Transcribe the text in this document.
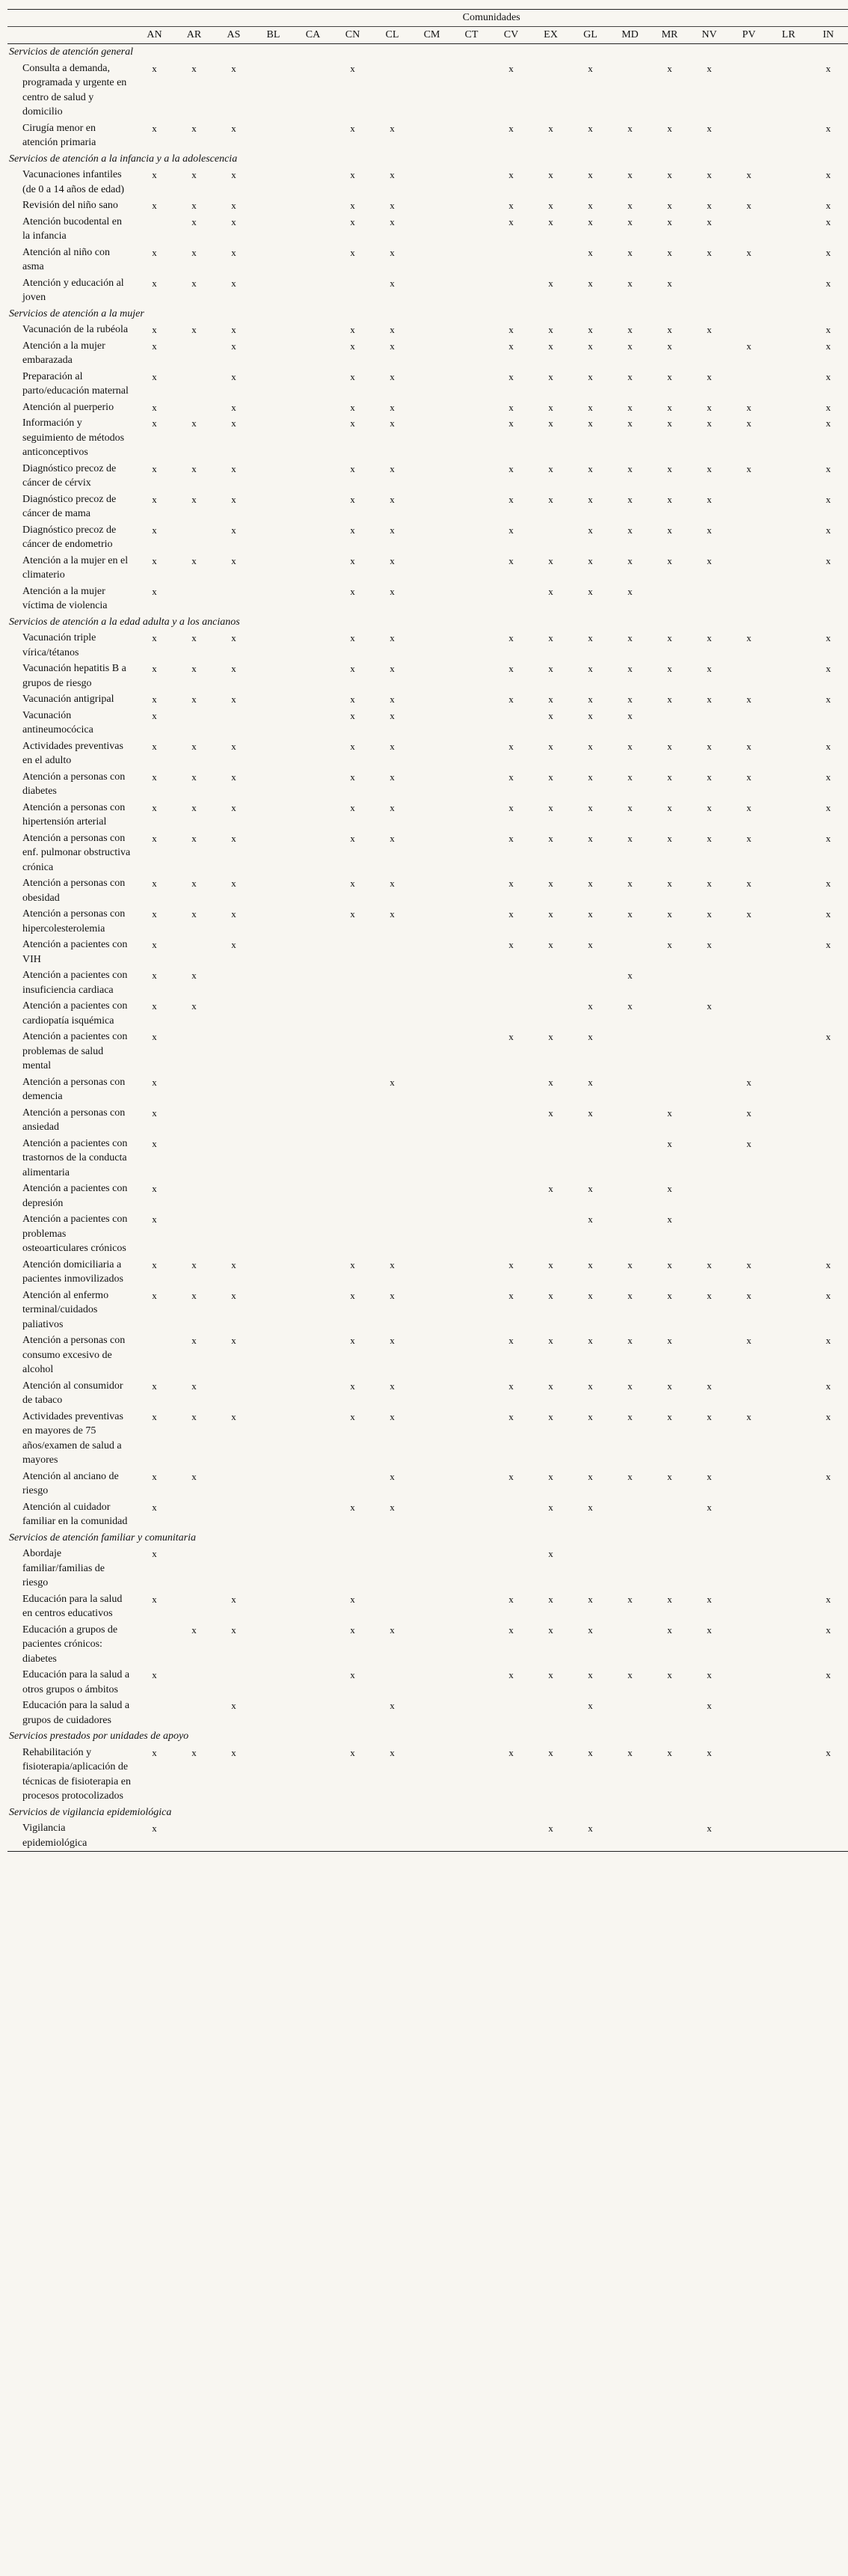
	Comunidades																	
	AN	AR	AS	BL	CA	CN	CL	CM	CT	CV	EX	GL	MD	MR	NV	PV	LR	IN
Servicios de atención general																		
Consulta a demanda, programada y urgente en centro de salud y domicilio	x	x	x			x				x		x		x	x			x
Cirugía menor en atención primaria	x	x	x			x	x			x	x	x	x	x	x			x
Servicios de atención a la infancia y a la adolescencia																		
Vacunaciones infantiles (de 0 a 14 años de edad)	x	x	x			x	x			x	x	x	x	x	x	x		x
Revisión del niño sano	x	x	x			x	x			x	x	x	x	x	x	x		x
Atención bucodental en la infancia		x	x			x	x			x	x	x	x	x	x			x
Atención al niño con asma	x	x	x			x	x					x	x	x	x	x		x
Atención y educación al joven	x	x	x				x				x	x	x	x				x
Servicios de atención a la mujer																		
Vacunación de la rubéola	x	x	x			x	x			x	x	x	x	x	x			x
Atención a la mujer embarazada	x		x			x	x			x	x	x	x	x		x		x
Preparación al parto/educación maternal	x		x			x	x			x	x	x	x	x	x			x
Atención al puerperio	x		x			x	x			x	x	x	x	x	x	x		x
Información y seguimiento de métodos anticonceptivos	x	x	x			x	x			x	x	x	x	x	x	x		x
Diagnóstico precoz de cáncer de cérvix	x	x	x			x	x			x	x	x	x	x	x	x		x
Diagnóstico precoz de cáncer de mama	x	x	x			x	x			x	x	x	x	x	x			x
Diagnóstico precoz de cáncer de endometrio	x		x			x	x			x		x	x	x	x			x
Atención a la mujer en el climaterio	x	x	x			x	x			x	x	x	x	x	x			x
Atención a la mujer víctima de violencia	x					x	x				x	x	x					
Servicios de atención a la edad adulta y a los ancianos																		
Vacunación triple vírica/tétanos	x	x	x			x	x			x	x	x	x	x	x	x		x
Vacunación hepatitis B a grupos de riesgo	x	x	x			x	x			x	x	x	x	x	x			x
Vacunación antigripal	x	x	x			x	x			x	x	x	x	x	x	x		x
Vacunación antineumocócica	x					x	x				x	x	x					
Actividades preventivas en el adulto	x	x	x			x	x			x	x	x	x	x	x	x		x
Atención a personas con diabetes	x	x	x			x	x			x	x	x	x	x	x	x		x
Atención a personas con hipertensión arterial	x	x	x			x	x			x	x	x	x	x	x	x		x
Atención a personas con enf. pulmonar obstructiva crónica	x	x	x			x	x			x	x	x	x	x	x	x		x
Atención a personas con obesidad	x	x	x			x	x			x	x	x	x	x	x	x		x
Atención a personas con hipercolesterolemia	x	x	x			x	x			x	x	x	x	x	x	x		x
Atención a pacientes con VIH	x		x							x	x	x		x	x			x
Atención a pacientes con insuficiencia cardiaca	x	x											x					
Atención a pacientes con cardiopatía isquémica	x	x										x	x		x			
Atención a pacientes con problemas de salud mental	x									x	x	x						x
Atención a personas con demencia	x						x				x	x				x		
Atención a personas con ansiedad	x										x	x		x		x		
Atención a pacientes con trastornos de la conducta alimentaria	x													x		x		
Atención a pacientes con depresión	x										x	x		x				
Atención a pacientes con problemas osteoarticulares crónicos	x											x		x				
Atención domiciliaria a pacientes inmovilizados	x	x	x			x	x			x	x	x	x	x	x	x		x
Atención al enfermo terminal/cuidados paliativos	x	x	x			x	x			x	x	x	x	x	x	x		x
Atención a personas con consumo excesivo de alcohol		x	x			x	x			x	x	x	x	x		x		x
Atención al consumidor de tabaco	x	x				x	x			x	x	x	x	x	x			x
Actividades preventivas en mayores de 75 años/examen de salud a mayores	x	x	x			x	x			x	x	x	x	x	x	x		x
Atención al anciano de riesgo	x	x					x			x	x	x	x	x	x			x
Atención al cuidador familiar en la comunidad	x					x	x				x	x			x			
Servicios de atención familiar y comunitaria																		
Abordaje familiar/familias de riesgo	x										x							
Educación para la salud en centros educativos	x		x			x				x	x	x	x	x	x			x
Educación a grupos de pacientes crónicos: diabetes		x	x			x	x			x	x	x		x	x			x
Educación para la salud a otros grupos o ámbitos	x					x				x	x	x	x	x	x			x
Educación para la salud a grupos de cuidadores			x				x					x			x			
Servicios prestados por unidades de apoyo																		
Rehabilitación y fisioterapia/aplicación de técnicas de fisioterapia en procesos protocolizados	x	x	x			x	x			x	x	x	x	x	x			x
Servicios de vigilancia epidemiológica																		
Vigilancia epidemiológica	x										x	x			x			
